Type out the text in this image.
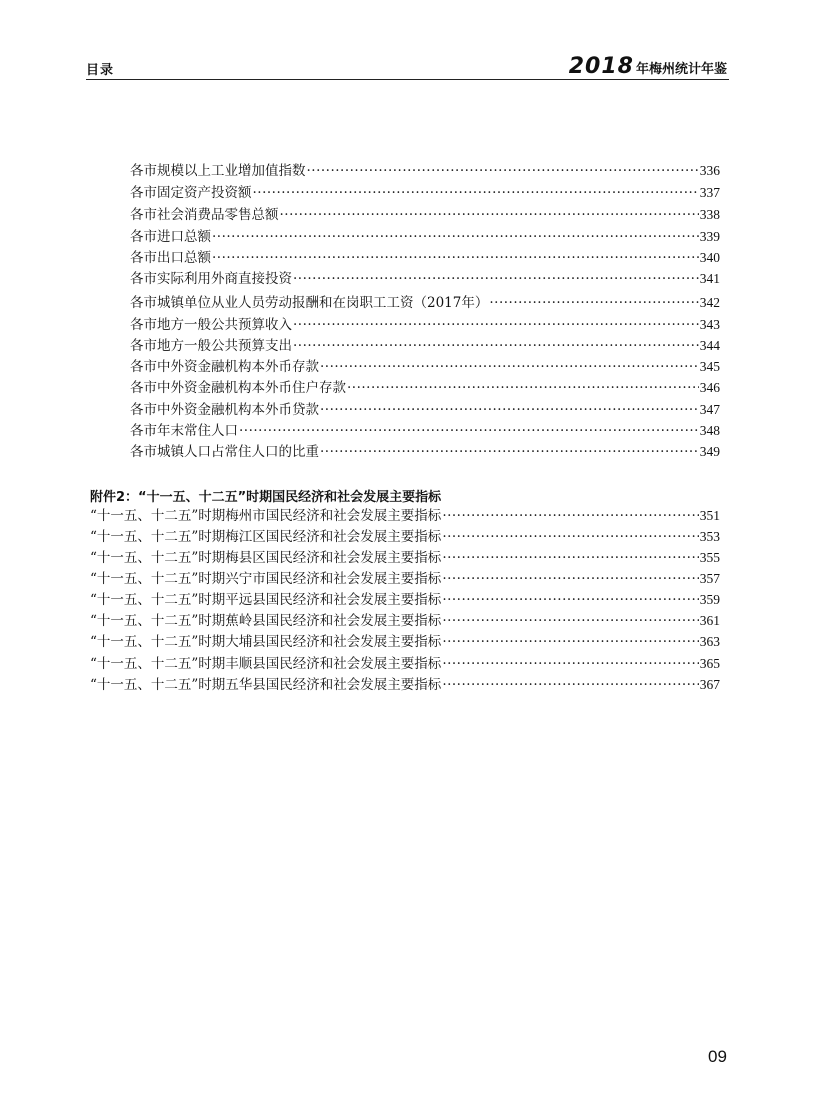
目录	2018 年梅州统计年鉴
各市规模以上工业增加值指数 ·····	336
各市固定资产投资额 ·····	337
各市社会消费品零售总额 ·····	338
各市进口总额 ·····	339
各市出口总额 ·····	340
各市实际利用外商直接投资 ·····	341
各市城镇单位从业人员劳动报酬和在岗职工工资（2017年） ·····	342
各市地方一般公共预算收入 ·····	343
各市地方一般公共预算支出 ·····	344
各市中外资金融机构本外币存款 ·····	345
各市中外资金融机构本外币住户存款 ·····	346
各市中外资金融机构本外币贷款 ·····	347
各市年末常住人口 ·····	348
各市城镇人口占常住人口的比重 ·····	349
附件2：“十一五、十二五”时期国民经济和社会发展主要指标
“十一五、十二五”时期梅州市国民经济和社会发展主要指标 ·····	351
“十一五、十二五”时期梅江区国民经济和社会发展主要指标 ·····	353
“十一五、十二五”时期梅县区国民经济和社会发展主要指标 ·····	355
“十一五、十二五”时期兴宁市国民经济和社会发展主要指标 ·····	357
“十一五、十二五”时期平远县国民经济和社会发展主要指标 ·····	359
“十一五、十二五”时期蕉岭县国民经济和社会发展主要指标 ·····	361
“十一五、十二五”时期大埔县国民经济和社会发展主要指标 ·····	363
“十一五、十二五”时期丰顺县国民经济和社会发展主要指标 ·····	365
“十一五、十二五”时期五华县国民经济和社会发展主要指标 ·····	367
09
